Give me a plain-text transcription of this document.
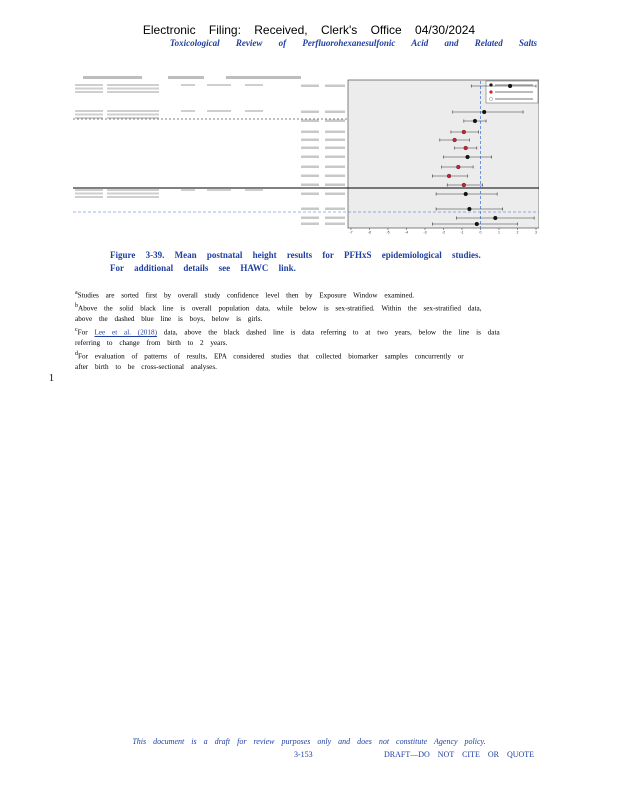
Electronic Filing: Received, Clerk's Office 04/30/2024
Toxicological Review of Perfluorohexanesulfonic Acid and Related Salts
-7	-6	-5	-4	-3	-2	-1	0	1	2	3
Figure 3-39. Mean postnatal height results for PFHxS epidemiological studies.
For additional details see HAWC link.
$^a$Studies are sorted first by overall study confidence level then by Exposure Window examined.
$^b$Above the solid black line is overall population data, while below is sex-stratified. Within the sex-stratified data,
above the dashed blue line is boys, below is girls.
$^c$For Lee et al. (2018) data, above the black dashed line is data referring to at two years, below the line is data
referring to change from birth to 2 years.
$^d$For evaluation of patterns of results, EPA considered studies that collected biomarker samples concurrently or
after birth to be cross-sectional analyses.
1
This document is a draft for review purposes only and does not constitute Agency policy.
3-153	DRAFT—DO NOT CITE OR QUOTE
